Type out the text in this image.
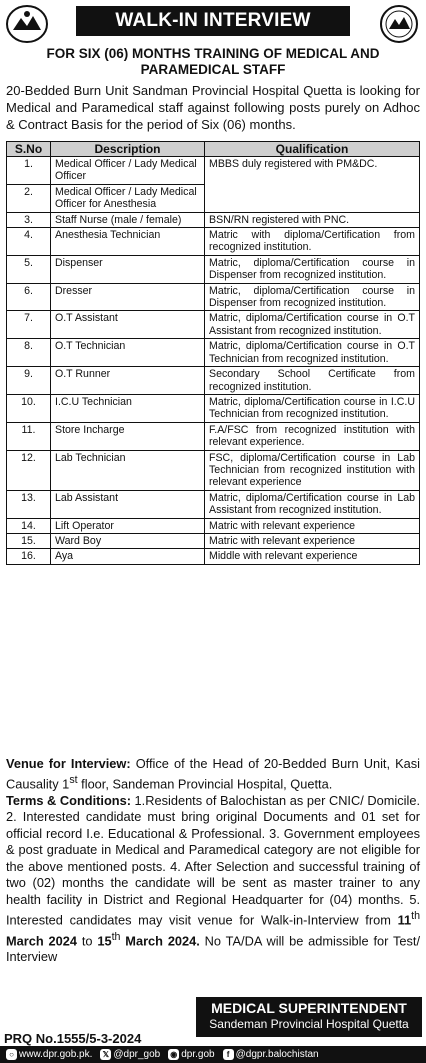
WALK-IN INTERVIEW
FOR SIX (06) MONTHS TRAINING OF MEDICAL AND PARAMEDICAL STAFF
20-Bedded Burn Unit Sandman Provincial Hospital Quetta is looking for Medical and Paramedical staff against following posts purely on Adhoc & Contract Basis for the period of Six (06) months.
S.No	Description	Qualification
1.	Medical Officer / Lady Medical Officer	MBBS duly registered with PM&DC.
2.	Medical Officer / Lady Medical Officer for Anesthesia	
3.	Staff Nurse (male / female)	BSN/RN registered with PNC.
4.	Anesthesia Technician	Matric with diploma/Certification from recognized institution.
5.	Dispenser	Matric, diploma/Certification course in Dispenser from recognized institution.
6.	Dresser	Matric, diploma/Certification course in Dispenser from recognized institution.
7.	O.T Assistant	Matric, diploma/Certification course in O.T Assistant from recognized institution.
8.	O.T Technician	Matric, diploma/Certification course in O.T Technician from recognized institution.
9.	O.T Runner	Secondary School Certificate from recognized institution.
10.	I.C.U Technician	Matric, diploma/Certification course in I.C.U Technician from recognized institution.
11.	Store Incharge	F.A/FSC from recognized institution with relevant experience.
12.	Lab Technician	FSC, diploma/Certification course in Lab Technician from recognized institution with relevant experience
13.	Lab Assistant	Matric, diploma/Certification course in Lab Assistant from recognized institution.
14.	Lift Operator	Matric with relevant experience
15.	Ward Boy	Matric with relevant experience
16.	Aya	Middle with relevant experience
Venue for Interview: Office of the Head of 20-Bedded Burn Unit, Kasi Causality 1st floor, Sandeman Provincial Hospital, Quetta.
Terms & Conditions: 1.Residents of Balochistan as per CNIC/ Domicile. 2. Interested candidate must bring original Documents and 01 set for official record I.e. Educational & Professional. 3. Government employees & post graduate in Medical and Paramedical category are not eligible for the above mentioned posts. 4. After Selection and successful training of two (02) months the candidate will be sent as master trainer to any health facility in District and Regional Headquarter for (04) months. 5. Interested candidates may visit venue for Walk-in-Interview from 11th March 2024 to 15th March 2024. No TA/DA will be admissible for Test/ Interview
MEDICAL SUPERINTENDENT
Sandeman Provincial Hospital Quetta
PRQ No.1555/5-3-2024
○ www.dpr.gob.pk. 𝕏 @dpr_gob ◉ dpr.gob	f @dgpr.balochistan
